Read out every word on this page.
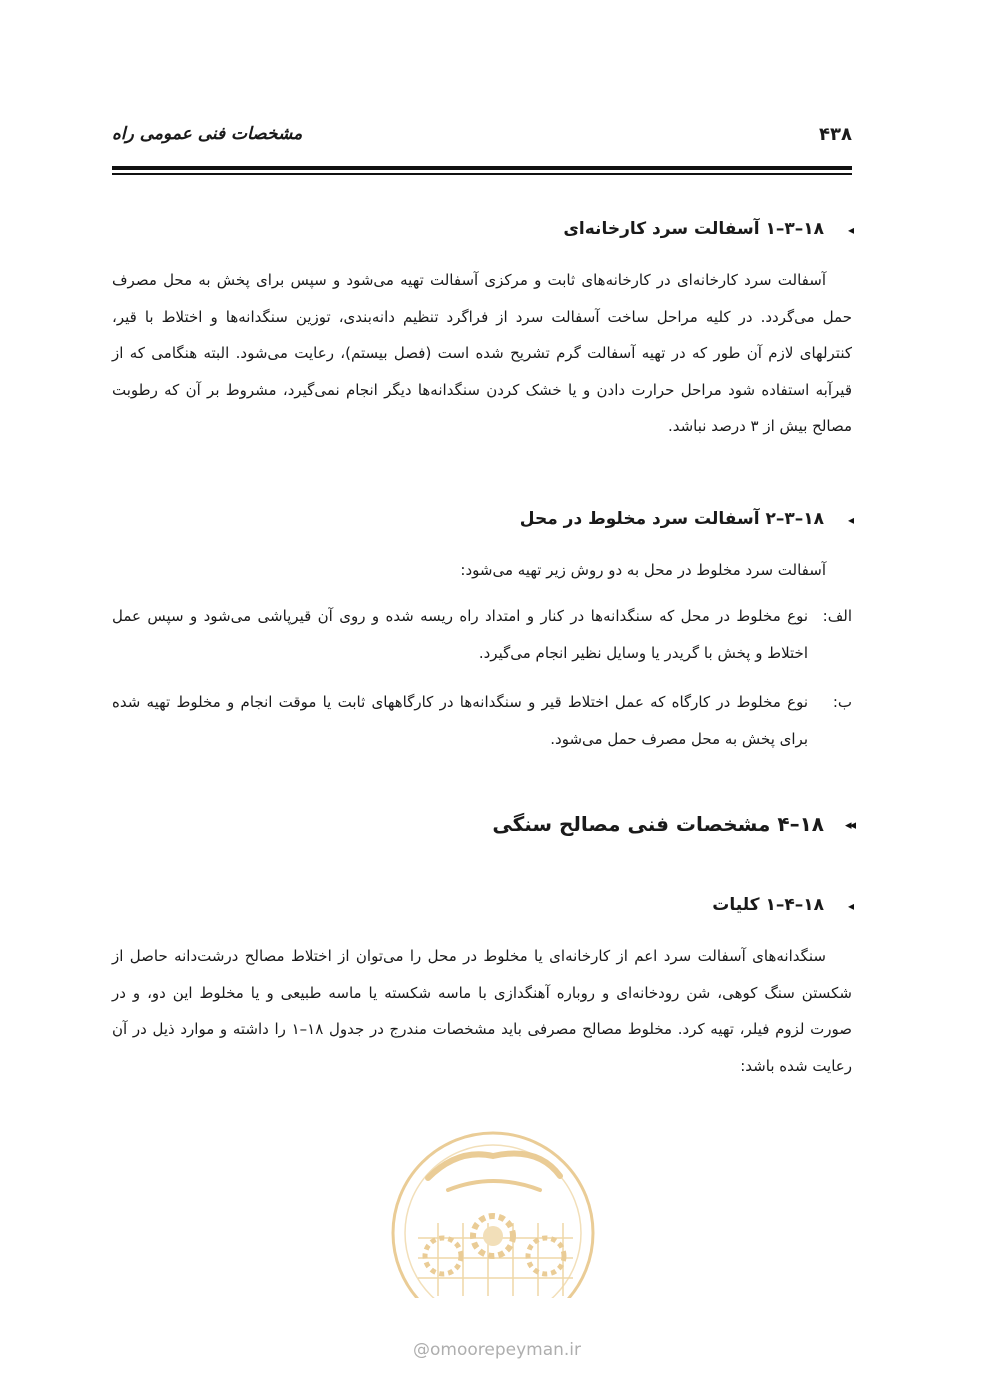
مشخصات فنی عمومی راه	۴۳۸
◂
۱۸–۳–۱ آسفالت سرد کارخانه‌ای
آسفالت سرد کارخانه‌ای در کارخانه‌های ثابت و مرکزی آسفالت تهیه می‌شود و سپس برای پخش به محل مصرف حمل می‌گردد. در کلیه مراحل ساخت آسفالت سرد از فراگرد تنظیم دانه‌بندی، توزین سنگدانه‌ها و اختلاط با قیر، کنترلهای لازم آن طور که در تهیه آسفالت گرم تشریح شده است (فصل بیستم)، رعایت می‌شود. البته هنگامی که از قیرآبه استفاده شود مراحل حرارت دادن و یا خشک کردن سنگدانه‌ها دیگر انجام نمی‌گیرد، مشروط بر آن که رطوبت مصالح بیش از ۳ درصد نباشد.
◂
۱۸–۳–۲ آسفالت سرد مخلوط در محل
آسفالت سرد مخلوط در محل به دو روش زیر تهیه می‌شود:
الف:
نوع مخلوط در محل که سنگدانه‌ها در کنار و امتداد راه ریسه شده و روی آن قیرپاشی می‌شود و سپس عمل اختلاط و پخش با گریدر یا وسایل نظیر انجام می‌گیرد.
ب:
نوع مخلوط در کارگاه که عمل اختلاط قیر و سنگدانه‌ها در کارگاههای ثابت یا موقت انجام و مخلوط تهیه شده برای پخش به محل مصرف حمل می‌شود.
◂◂
۱۸–۴ مشخصات فنی مصالح سنگی
◂
۱۸–۴–۱ کلیات
سنگدانه‌های آسفالت سرد اعم از کارخانه‌ای یا مخلوط در محل را می‌توان از اختلاط مصالح درشت‌دانه حاصل از شکستن سنگ کوهی، شن رودخانه‌ای و روباره آهنگدازی با ماسه شکسته یا ماسه طبیعی و یا مخلوط این دو، و در صورت لزوم فیلر، تهیه کرد. مخلوط مصالح مصرفی باید مشخصات مندرج در جدول ۱۸–۱ را داشته و موارد ذیل در آن رعایت شده باشد:
@omoorepeyman.ir
